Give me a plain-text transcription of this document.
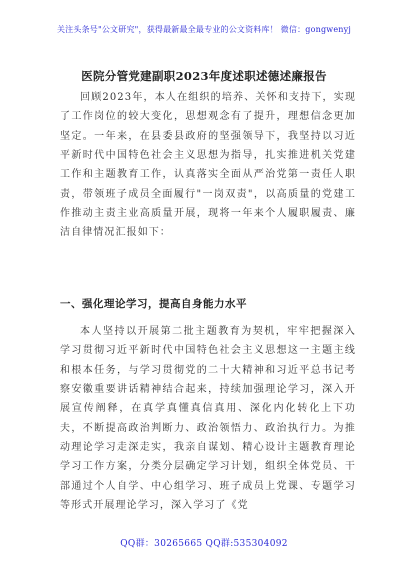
关注头条号"公文研究"，获得最新最全最专业的公文资料库！ 微信：gongwenyj
医院分管党建副职2023年度述职述德述廉报告

回顾2023年，本人在组织的培养、关怀和支持下，实现了工作岗位的较大变化，思想观念有了提升，理想信念更加坚定。一年来，在县委县政府的坚强领导下，我坚持以习近平新时代中国特色社会主义思想为指导，扎实推进机关党建工作和主题教育工作，认真落实全面从严治党第一责任人职责，带领班子成员全面履行"一岗双责"，以高质量的党建工作推动主责主业高质量开展，现将一年来个人履职履责、廉洁自律情况汇报如下：

一、强化理论学习，提高自身能力水平

本人坚持以开展第二批主题教育为契机，牢牢把握深入学习贯彻习近平新时代中国特色社会主义思想这一主题主线和根本任务，与学习贯彻党的二十大精神和习近平总书记考察安徽重要讲话精神结合起来，持续加强理论学习，深入开展宣传阐释，在真学真懂真信真用、深化内化转化上下功夫，不断提高政治判断力、政治领悟力、政治执行力。为推动理论学习走深走实，我亲自谋划、精心设计主题教育理论学习工作方案，分类分层确定学习计划，组织全体党员、干部通过个人自学、中心组学习、班子成员上党课、专题学习等形式开展理论学习，深入学习了《党

QQ群：30265665 QQ群:535304092
